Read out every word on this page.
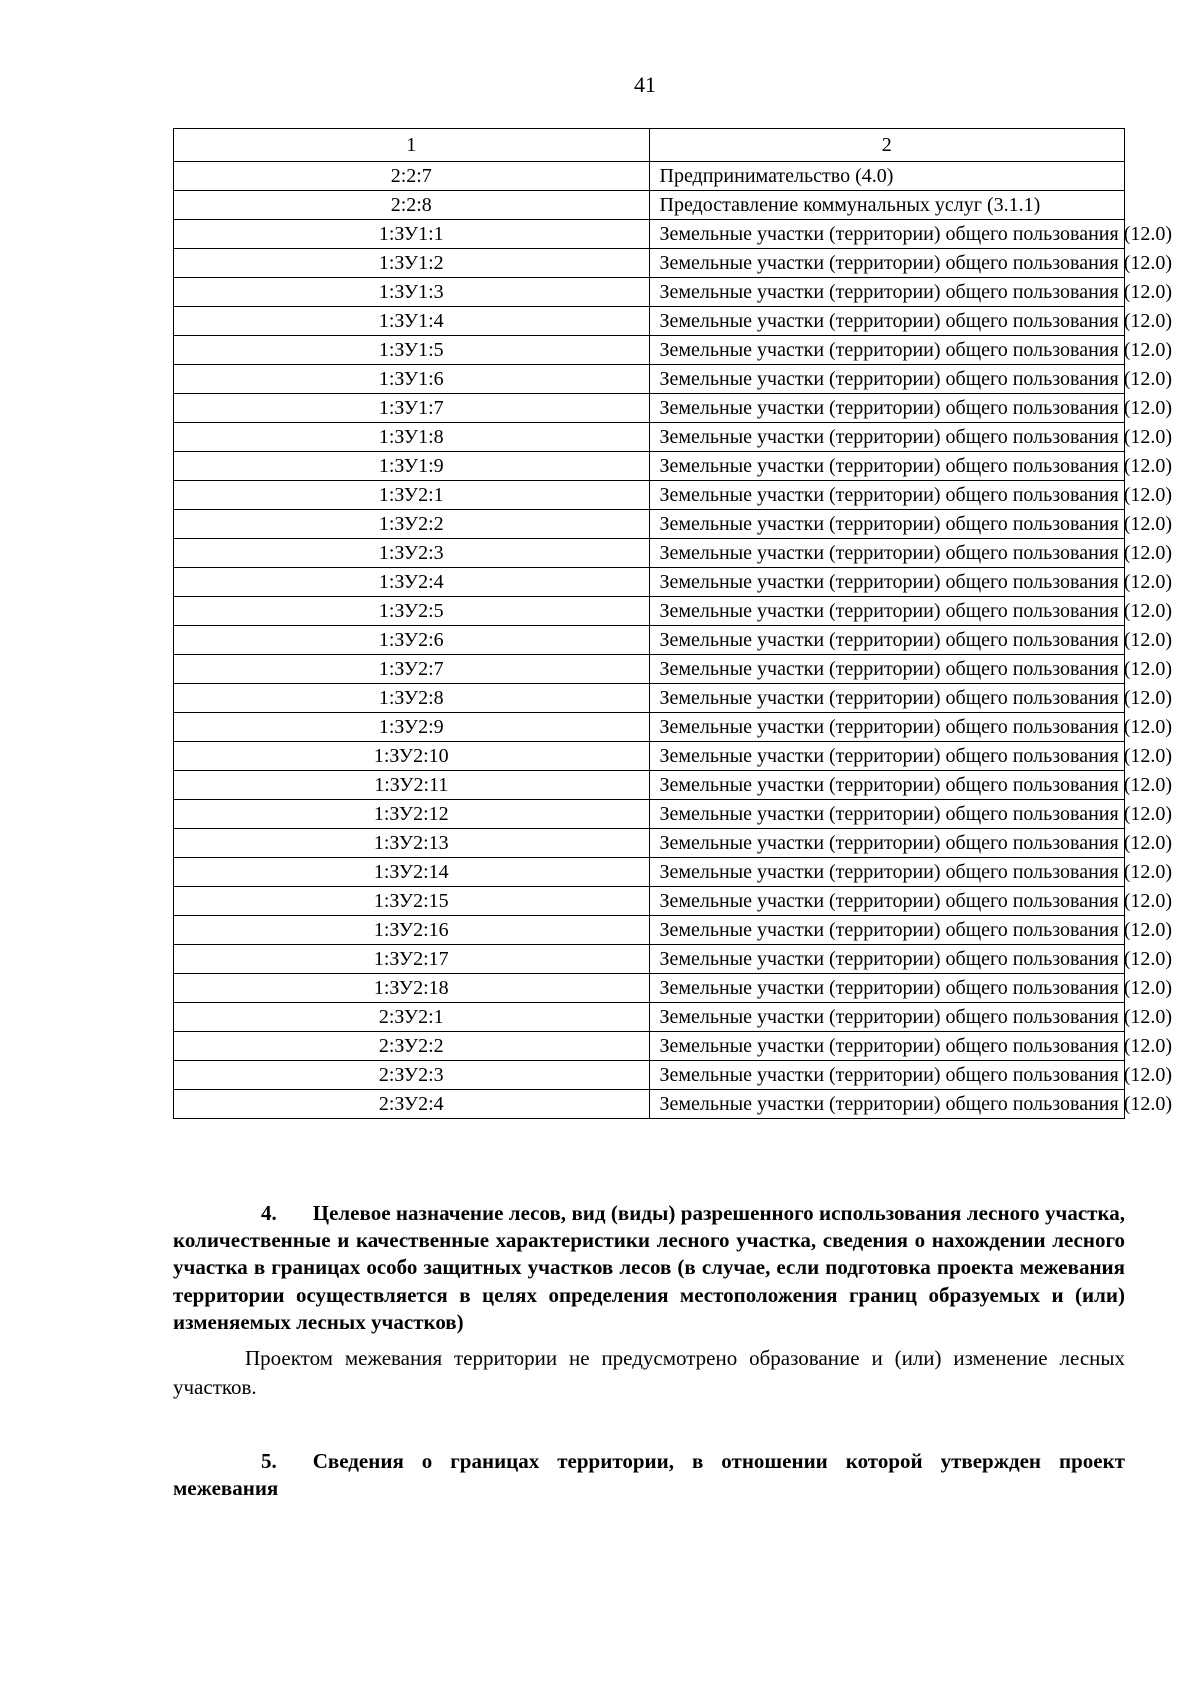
41
1	2
2:2:7	Предпринимательство (4.0)
2:2:8	Предоставление коммунальных услуг (3.1.1)
1:ЗУ1:1	Земельные участки (территории) общего пользования (12.0)
1:ЗУ1:2	Земельные участки (территории) общего пользования (12.0)
1:ЗУ1:3	Земельные участки (территории) общего пользования (12.0)
1:ЗУ1:4	Земельные участки (территории) общего пользования (12.0)
1:ЗУ1:5	Земельные участки (территории) общего пользования (12.0)
1:ЗУ1:6	Земельные участки (территории) общего пользования (12.0)
1:ЗУ1:7	Земельные участки (территории) общего пользования (12.0)
1:ЗУ1:8	Земельные участки (территории) общего пользования (12.0)
1:ЗУ1:9	Земельные участки (территории) общего пользования (12.0)
1:ЗУ2:1	Земельные участки (территории) общего пользования (12.0)
1:ЗУ2:2	Земельные участки (территории) общего пользования (12.0)
1:ЗУ2:3	Земельные участки (территории) общего пользования (12.0)
1:ЗУ2:4	Земельные участки (территории) общего пользования (12.0)
1:ЗУ2:5	Земельные участки (территории) общего пользования (12.0)
1:ЗУ2:6	Земельные участки (территории) общего пользования (12.0)
1:ЗУ2:7	Земельные участки (территории) общего пользования (12.0)
1:ЗУ2:8	Земельные участки (территории) общего пользования (12.0)
1:ЗУ2:9	Земельные участки (территории) общего пользования (12.0)
1:ЗУ2:10	Земельные участки (территории) общего пользования (12.0)
1:ЗУ2:11	Земельные участки (территории) общего пользования (12.0)
1:ЗУ2:12	Земельные участки (территории) общего пользования (12.0)
1:ЗУ2:13	Земельные участки (территории) общего пользования (12.0)
1:ЗУ2:14	Земельные участки (территории) общего пользования (12.0)
1:ЗУ2:15	Земельные участки (территории) общего пользования (12.0)
1:ЗУ2:16	Земельные участки (территории) общего пользования (12.0)
1:ЗУ2:17	Земельные участки (территории) общего пользования (12.0)
1:ЗУ2:18	Земельные участки (территории) общего пользования (12.0)
2:ЗУ2:1	Земельные участки (территории) общего пользования (12.0)
2:ЗУ2:2	Земельные участки (территории) общего пользования (12.0)
2:ЗУ2:3	Земельные участки (территории) общего пользования (12.0)
2:ЗУ2:4	Земельные участки (территории) общего пользования (12.0)
4. Целевое назначение лесов, вид (виды) разрешенного использования лесного участка, количественные и качественные характеристики лесного участка, сведения о нахождении лесного участка в границах особо защитных участков лесов (в случае, если подготовка проекта межевания территории осуществляется в целях определения местоположения границ образуемых и (или) изменяемых лесных участков)
Проектом межевания территории не предусмотрено образование и (или) изменение лесных участков.
5. Сведения о границах территории, в отношении которой утвержден проект межевания
